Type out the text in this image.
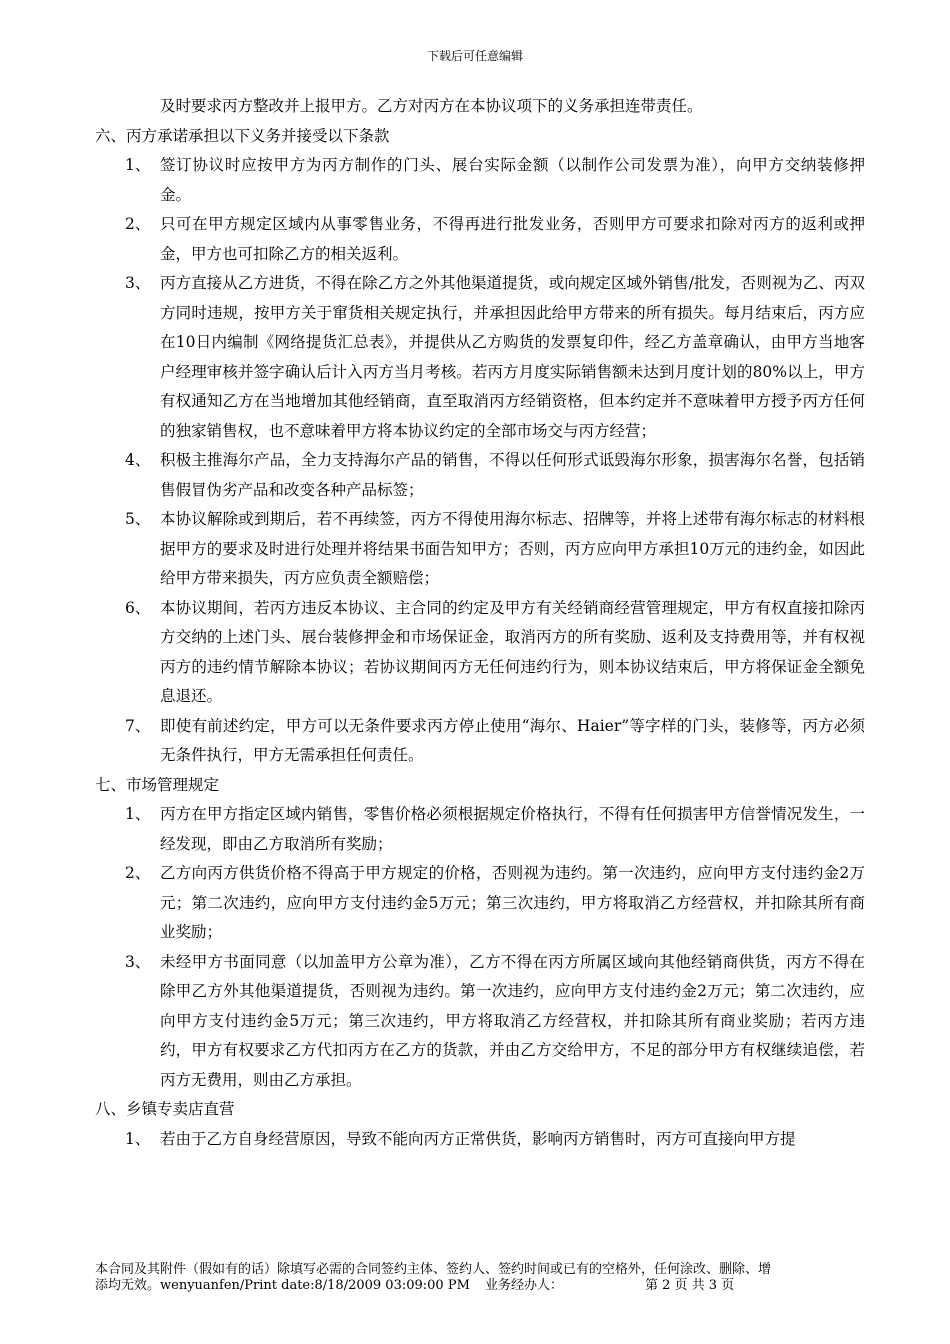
下载后可任意编辑
及时要求丙方整改并上报甲方。乙方对丙方在本协议项下的义务承担连带责任。
六、丙方承诺承担以下义务并接受以下条款
1、 签订协议时应按甲方为丙方制作的门头、展台实际金额（以制作公司发票为准），向甲方交纳装修押金。
2、 只可在甲方规定区域内从事零售业务，不得再进行批发业务，否则甲方可要求扣除对丙方的返利或押金，甲方也可扣除乙方的相关返利。
3、 丙方直接从乙方进货，不得在除乙方之外其他渠道提货，或向规定区域外销售/批发，否则视为乙、丙双方同时违规，按甲方关于窜货相关规定执行，并承担因此给甲方带来的所有损失。每月结束后，丙方应在10日内编制《网络提货汇总表》，并提供从乙方购货的发票复印件，经乙方盖章确认，由甲方当地客户经理审核并签字确认后计入丙方当月考核。若丙方月度实际销售额未达到月度计划的80%以上，甲方有权通知乙方在当地增加其他经销商，直至取消丙方经销资格，但本约定并不意味着甲方授予丙方任何的独家销售权，也不意味着甲方将本协议约定的全部市场交与丙方经营；
4、 积极主推海尔产品，全力支持海尔产品的销售，不得以任何形式诋毁海尔形象，损害海尔名誉，包括销售假冒伪劣产品和改变各种产品标签；
5、 本协议解除或到期后，若不再续签，丙方不得使用海尔标志、招牌等，并将上述带有海尔标志的材料根据甲方的要求及时进行处理并将结果书面告知甲方；否则，丙方应向甲方承担10万元的违约金，如因此给甲方带来损失，丙方应负责全额赔偿；
6、 本协议期间，若丙方违反本协议、主合同的约定及甲方有关经销商经营管理规定，甲方有权直接扣除丙方交纳的上述门头、展台装修押金和市场保证金，取消丙方的所有奖励、返利及支持费用等，并有权视丙方的违约情节解除本协议；若协议期间丙方无任何违约行为，则本协议结束后，甲方将保证金全额免息退还。
7、 即使有前述约定，甲方可以无条件要求丙方停止使用“海尔、Haier”等字样的门头，装修等，丙方必须无条件执行，甲方无需承担任何责任。
七、市场管理规定
1、 丙方在甲方指定区域内销售，零售价格必须根据规定价格执行，不得有任何损害甲方信誉情况发生，一经发现，即由乙方取消所有奖励；
2、 乙方向丙方供货价格不得高于甲方规定的价格，否则视为违约。第一次违约，应向甲方支付违约金2万元；第二次违约，应向甲方支付违约金5万元；第三次违约，甲方将取消乙方经营权，并扣除其所有商业奖励；
3、 未经甲方书面同意（以加盖甲方公章为准），乙方不得在丙方所属区域向其他经销商供货，丙方不得在除甲乙方外其他渠道提货，否则视为违约。第一次违约，应向甲方支付违约金2万元；第二次违约，应向甲方支付违约金5万元；第三次违约，甲方将取消乙方经营权，并扣除其所有商业奖励；若丙方违约，甲方有权要求乙方代扣丙方在乙方的货款，并由乙方交给甲方，不足的部分甲方有权继续追偿，若丙方无费用，则由乙方承担。
八、乡镇专卖店直营
1、 若由于乙方自身经营原因，导致不能向丙方正常供货，影响丙方销售时，丙方可直接向甲方提
本合同及其附件（假如有的话）除填写必需的合同签约主体、签约人、签约时间或已有的空格外，任何涂改、删除、增
添均无效。wenyuanfen/Print date:8/18/2009 03:09:00 PM	业务经办人：	第 2 页 共 3 页
